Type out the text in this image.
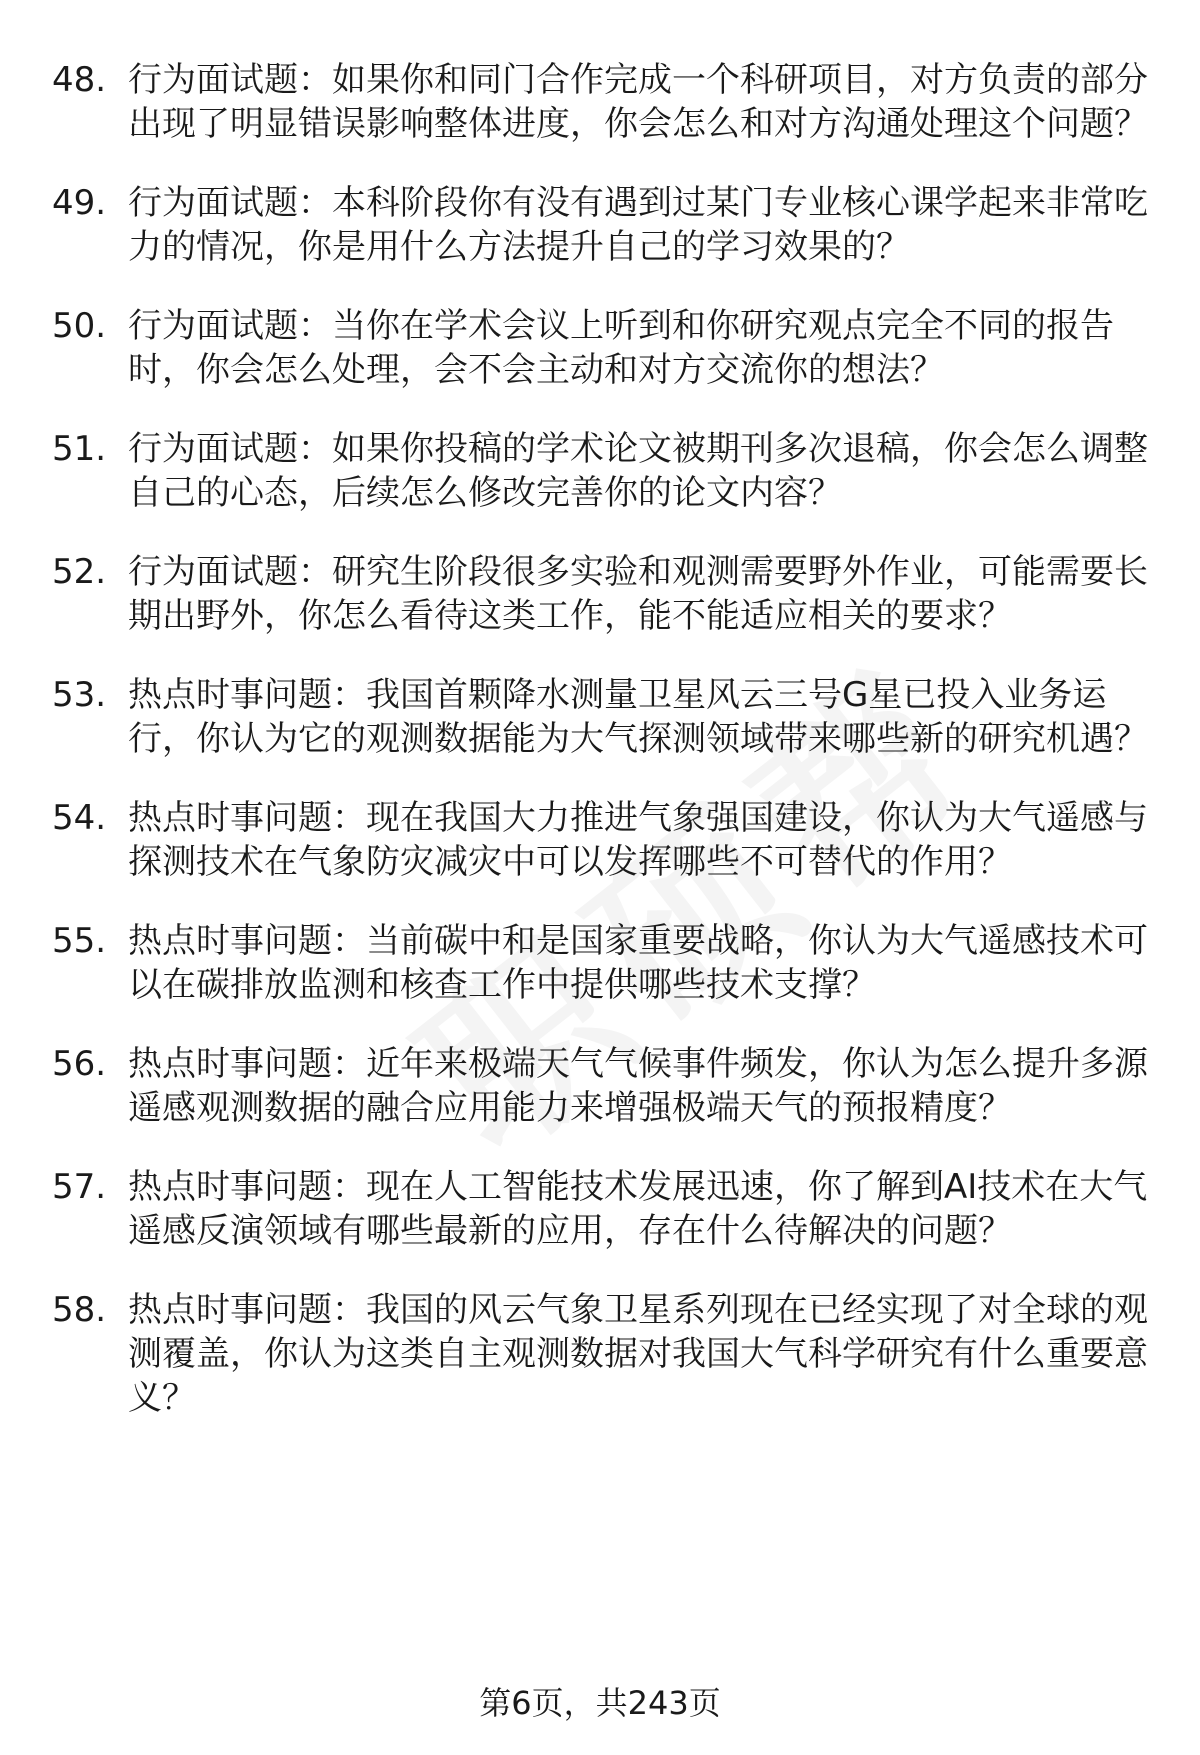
48. 行为面试题：如果你和同门合作完成一个科研项目，对方负责的部分出现了明显错误影响整体进度，你会怎么和对方沟通处理这个问题？
49. 行为面试题：本科阶段你有没有遇到过某门专业核心课学起来非常吃力的情况，你是用什么方法提升自己的学习效果的？
50. 行为面试题：当你在学术会议上听到和你研究观点完全不同的报告时，你会怎么处理，会不会主动和对方交流你的想法？
51. 行为面试题：如果你投稿的学术论文被期刊多次退稿，你会怎么调整自己的心态，后续怎么修改完善你的论文内容？
52. 行为面试题：研究生阶段很多实验和观测需要野外作业，可能需要长期出野外，你怎么看待这类工作，能不能适应相关的要求？
53. 热点时事问题：我国首颗降水测量卫星风云三号G星已投入业务运行，你认为它的观测数据能为大气探测领域带来哪些新的研究机遇？
54. 热点时事问题：现在我国大力推进气象强国建设，你认为大气遥感与探测技术在气象防灾减灾中可以发挥哪些不可替代的作用？
55. 热点时事问题：当前碳中和是国家重要战略，你认为大气遥感技术可以在碳排放监测和核查工作中提供哪些技术支撑？
56. 热点时事问题：近年来极端天气气候事件频发，你认为怎么提升多源遥感观测数据的融合应用能力来增强极端天气的预报精度？
57. 热点时事问题：现在人工智能技术发展迅速，你了解到AI技术在大气遥感反演领域有哪些最新的应用，存在什么待解决的问题？
58. 热点时事问题：我国的风云气象卫星系列现在已经实现了对全球的观测覆盖，你认为这类自主观测数据对我国大气科学研究有什么重要意义？
第6页，共243页
